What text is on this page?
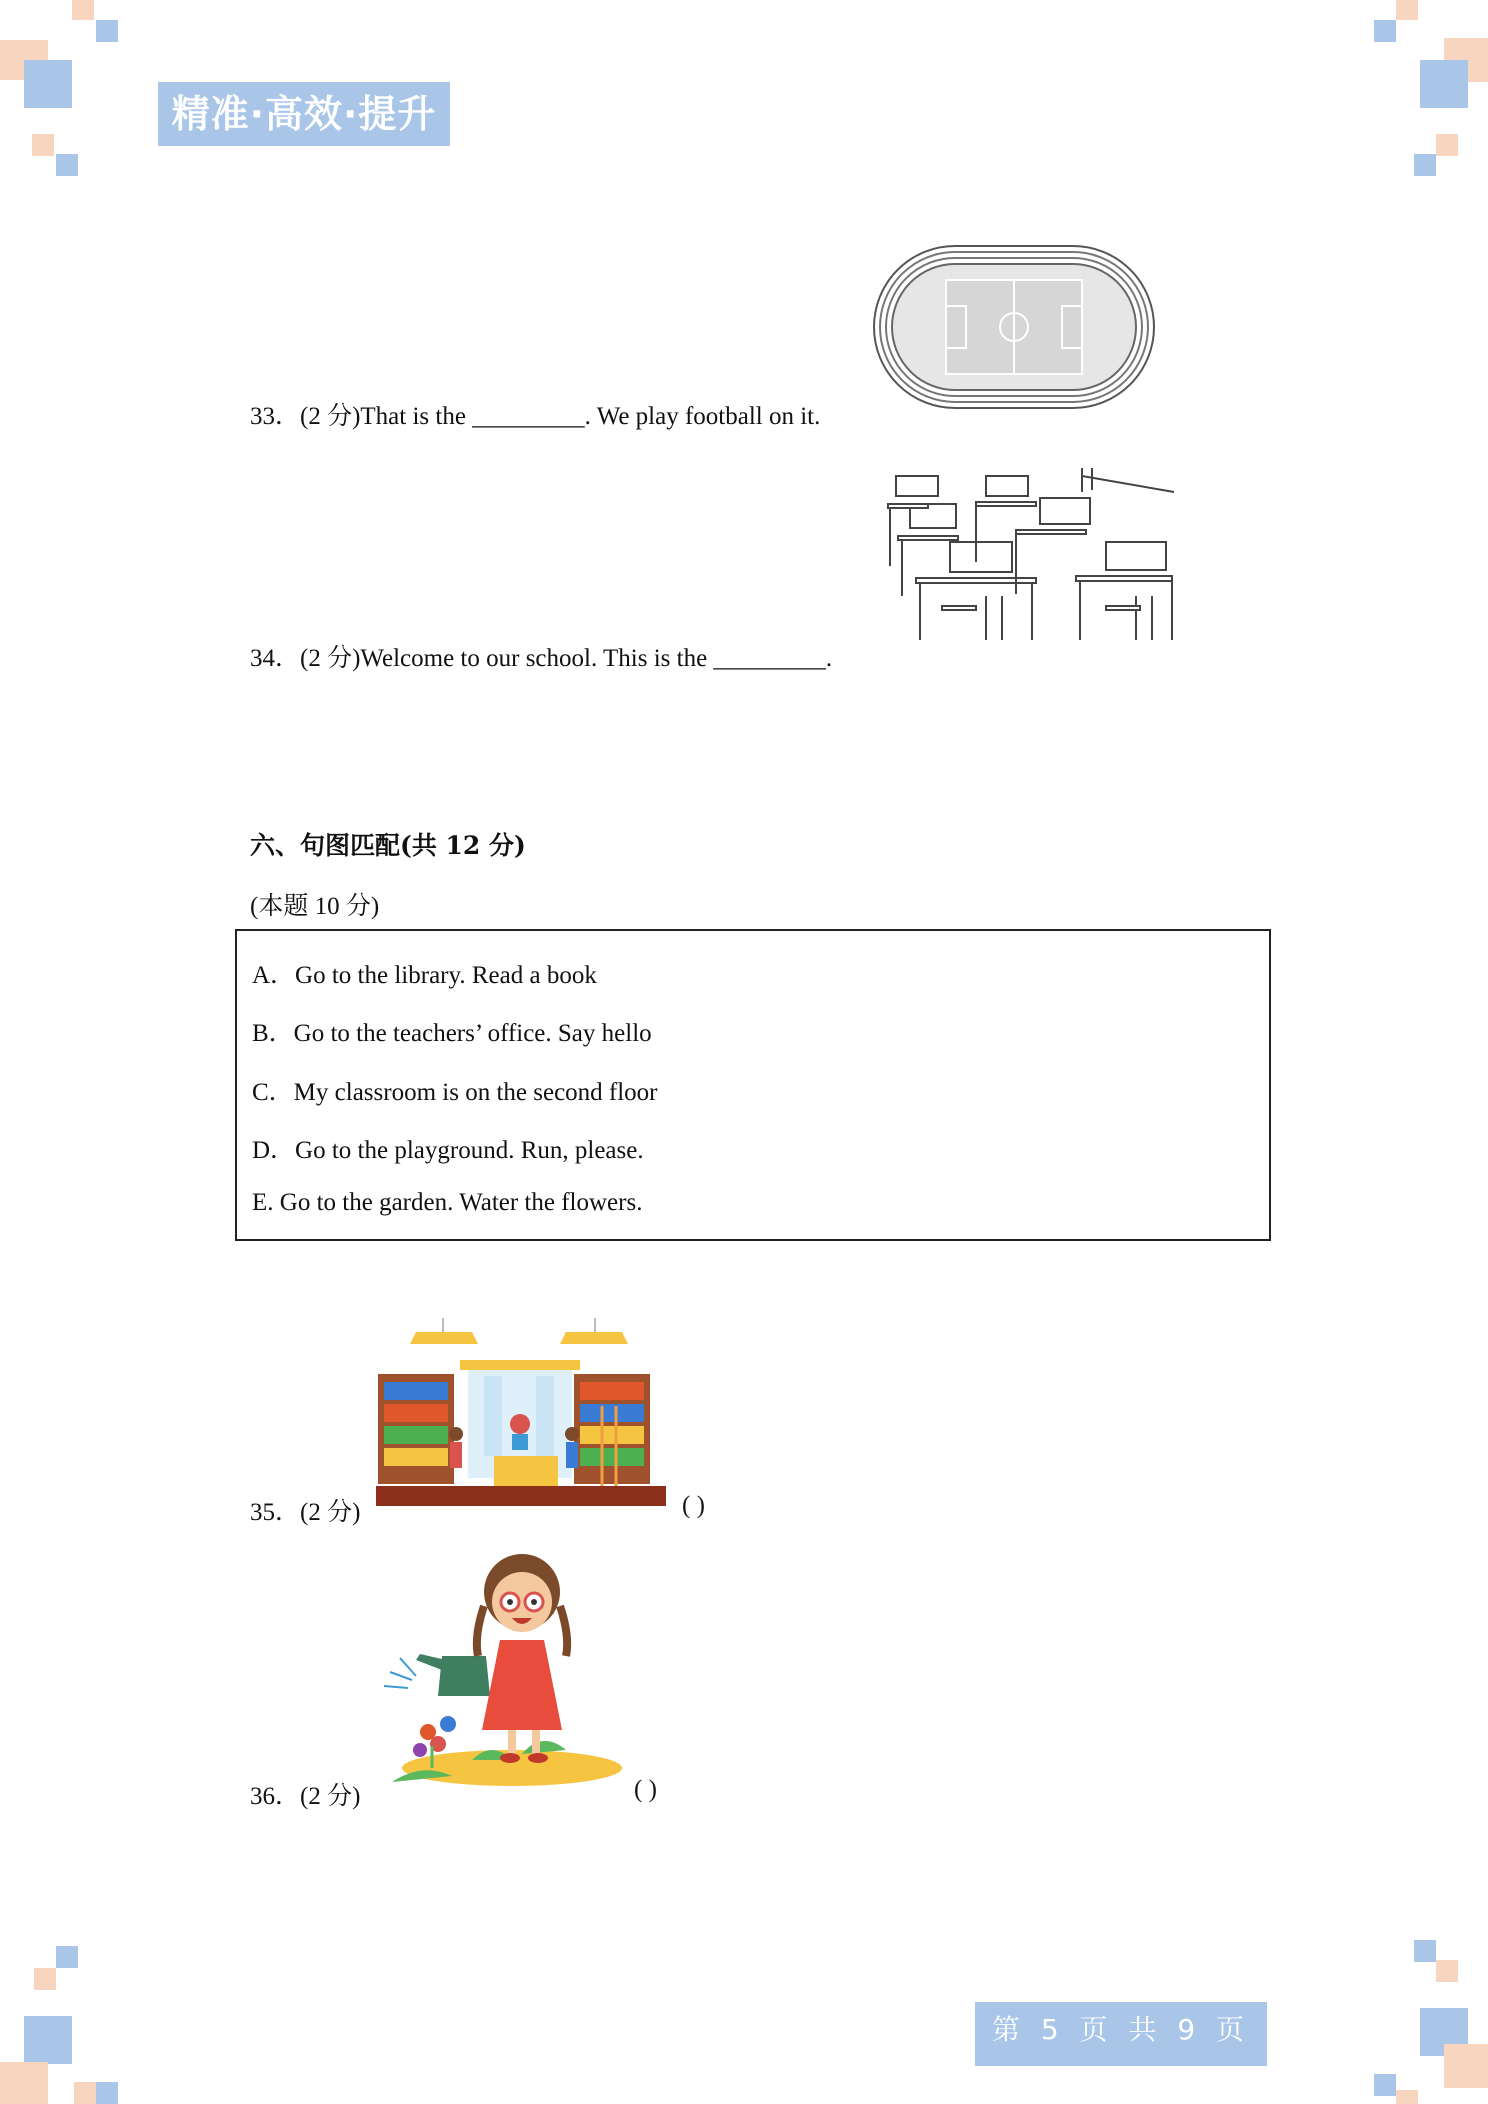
精准·高效·提升
33．(2 分)That is the _________. We play football on it.
34．(2 分)Welcome to our school. This is the _________.
六、句图匹配(共 12 分)
(本题 10 分)
A．Go to the library. Read a book
B．Go to the teachers’ office. Say hello
C．My classroom is on the second floor
D．Go to the playground. Run, please.
E. Go to the garden. Water the flowers.
35．(2 分)	( )
36．(2 分)	( )
第 5 页 共 9 页
